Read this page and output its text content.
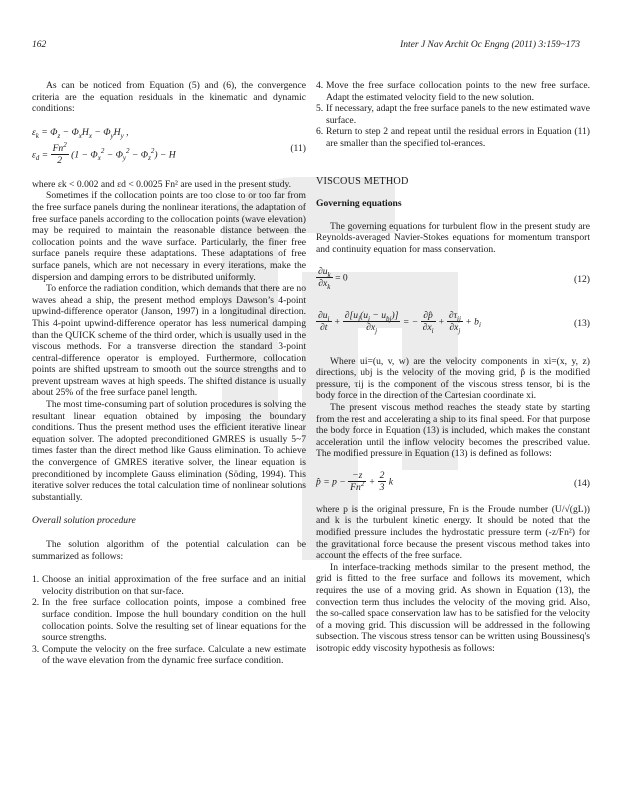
162	Inter J Nav Archit Oc Engng (2011) 3:159~173

As can be noticed from Equation (5) and (6), the convergence criteria are the equation residuals in the kinematic and dynamic conditions:

$\varepsilon_k = \Phi_z - \Phi_xH_x - \Phi_yH_y$ ,
$\varepsilon_d = \frac{Fn^2}{2} (1 - \Phi_x^2 - \Phi_y^2 - \Phi_z^2) - H$
(11)

where εk < 0.002 and εd < 0.0025 Fn² are used in the present study.

Sometimes if the collocation points are too close to or too far from the free surface panels during the nonlinear iterations, the adaptation of free surface panels according to the collocation points (wave elevation) may be required to maintain the reasonable distance between the collocation points and the wave surface. Particularly, the finer free surface panels require these adaptations. These adaptations of free surface panels, which are not necessary in every iterations, make the dispersion and damping errors to be distributed uniformly.

To enforce the radiation condition, which demands that there are no waves ahead a ship, the present method employs Dawson’s 4-point upwind-difference operator (Janson, 1997) in a longitudinal direction. This 4-point upwind-difference operator has less numerical damping than the QUICK scheme of the third order, which is usually used in the viscous methods. For a transverse direction the standard 3-point central-difference operator is employed. Furthermore, collocation points are shifted upstream to smooth out the source strengths and to prevent upstream waves at high speeds. The shifted distance is usually about 25% of the free surface panel length.

The most time-consuming part of solution procedures is solving the resultant linear equation obtained by imposing the boundary conditions. Thus the present method uses the efficient iterative linear equation solver. The adopted preconditioned GMRES is usually 5~7 times faster than the direct method like Gauss elimination. To achieve the convergence of GMRES iterative solver, the linear equation is preconditioned by incomplete Gauss elimination (Söding, 1994). This iterative solver reduces the total calculation time of nonlinear solutions substantially.

Overall solution procedure

The solution algorithm of the potential calculation can be summarized as follows:

1. Choose an initial approximation of the free surface and an initial velocity distribution on that sur-face.
2. In the free surface collocation points, impose a combined free surface condition. Impose the hull boundary condition on the hull collocation points. Solve the resulting set of linear equations for the source strengths.
3. Compute the velocity on the free surface. Calculate a new estimate of the wave elevation from the dynamic free surface condition.
4. Move the free surface collocation points to the new free surface. Adapt the estimated velocity field to the new solution.
5. If necessary, adapt the free surface panels to the new estimated wave surface.
6. Return to step 2 and repeat until the residual errors in Equation (11) are smaller than the specified tol-erances.

VISCOUS METHOD

Governing equations

The governing equations for turbulent flow in the present study are Reynolds-averaged Navier-Stokes equations for momentum transport and continuity equation for mass conservation.

$\frac{\partial u_k}{\partial x_k} = 0$	(12)
$\frac{\partial u_i}{\partial t} + \frac{\partial[u_i(u_j - u_{bj})]}{\partial x_j}$ = − $\frac{\partial p̂}{\partial x_i} + \frac{\partial\tau_{ij}}{\partial x_j} + b_i$	(13)

Where ui=(u, v, w) are the velocity components in xi=(x, y, z) directions, ubj is the velocity of the moving grid, p̂ is the modified pressure, τij is the component of the viscous stress tensor, bi is the body force in the direction of the Cartesian coordinate xi.

The present viscous method reaches the steady state by starting from the rest and accelerating a ship to its final speed. For that purpose the body force in Equation (13) is included, which makes the constant acceleration until the inflow velocity becomes the prescribed value. The modified pressure in Equation (13) is defined as follows:

p̂ = $p - \frac{-z}{Fn^2} + \frac{2}{3}$ k	(14)

where p is the original pressure, Fn is the Froude number (U/√(gL)) and k is the turbulent kinetic energy. It should be noted that the modified pressure includes the hydrostatic pressure term (-z/Fn²) for the gravitational force because the present viscous method takes into account the effects of the free surface.

In interface-tracking methods similar to the present method, the grid is fitted to the free surface and follows its movement, which requires the use of a moving grid. As shown in Equation (13), the convection term thus includes the velocity of the moving grid. Also, the so-called space conservation law has to be satisfied for the velocity of a moving grid. This discussion will be addressed in the following subsection. The viscous stress tensor can be written using Boussinesq's isotropic eddy viscosity hypothesis as follows:
